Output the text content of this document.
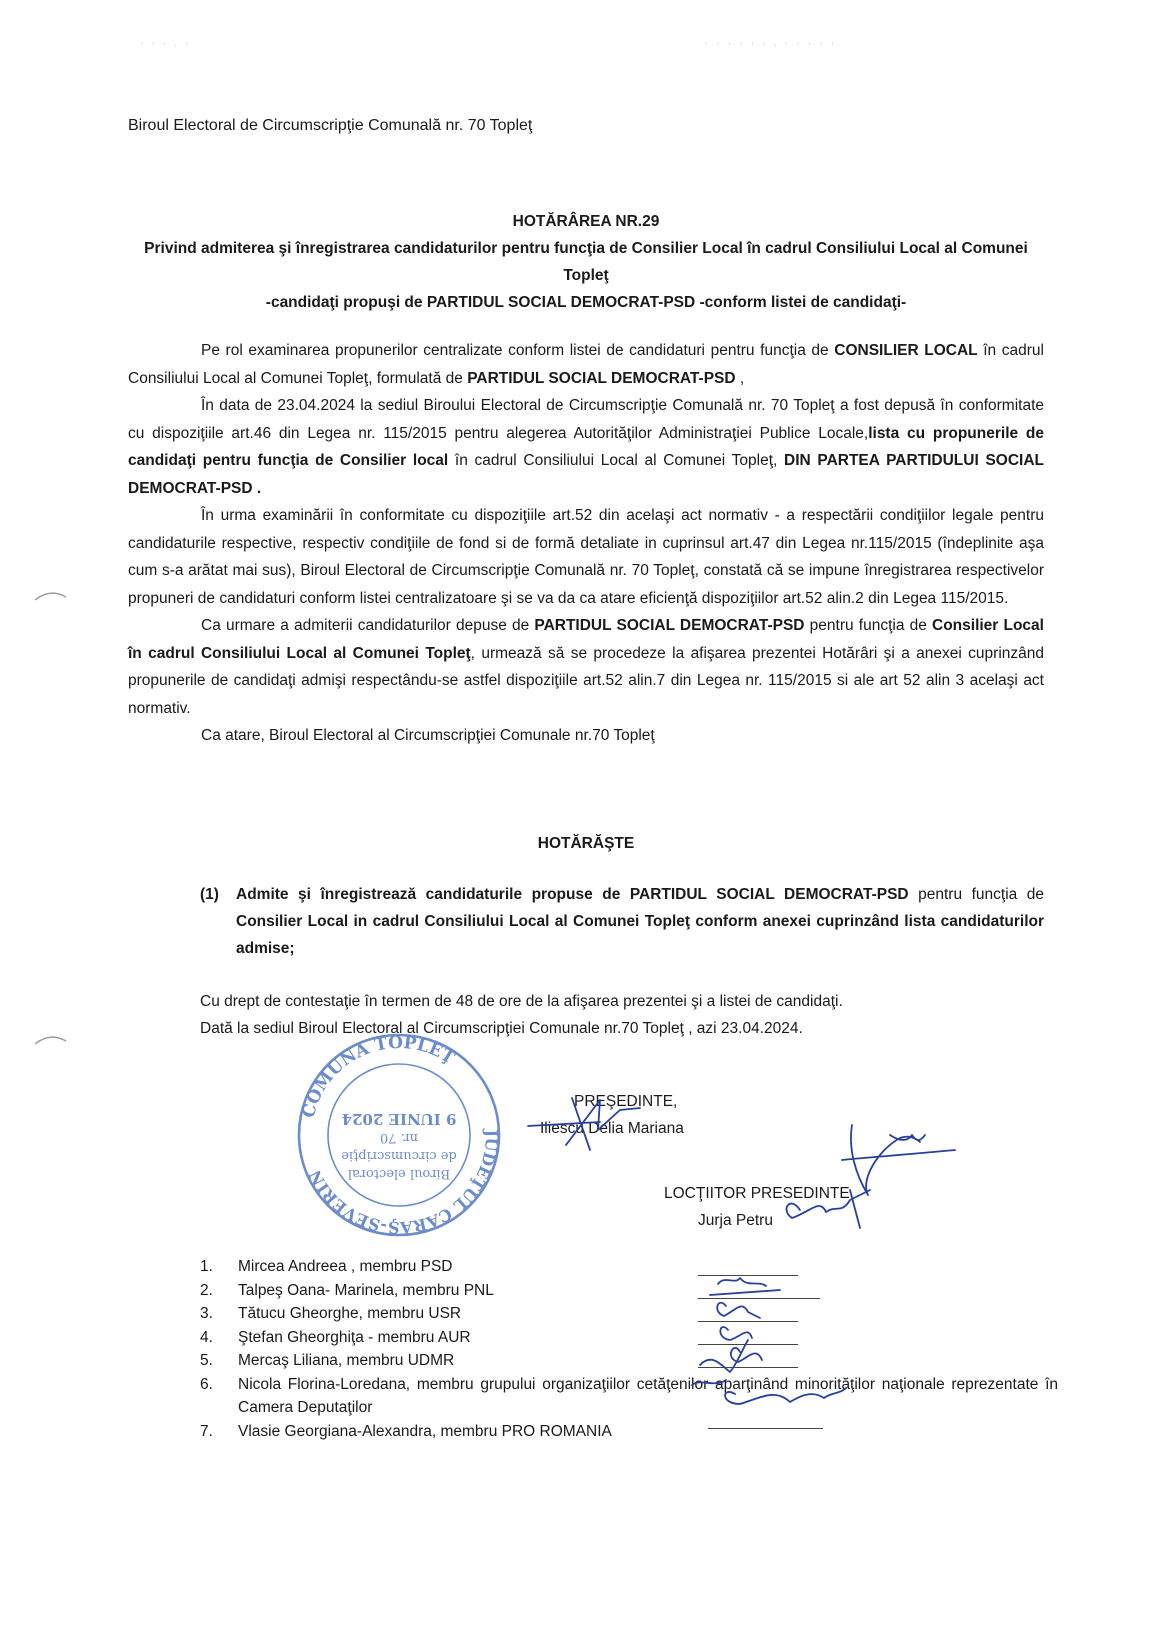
· · · . ·	· · · · · · . · · · · ·
Biroul Electoral de Circumscripţie Comunală nr. 70 Topleţ
HOTĂRÂREA NR.29
Privind admiterea şi înregistrarea candidaturilor pentru funcţia de Consilier Local în cadrul Consiliului Local al Comunei Topleţ
-candidaţi propuşi de PARTIDUL SOCIAL DEMOCRAT-PSD -conform listei de candidaţi-

Pe rol examinarea propunerilor centralizate conform listei de candidaturi pentru funcţia de CONSILIER LOCAL în cadrul Consiliului Local al Comunei Topleţ, formulată de PARTIDUL SOCIAL DEMOCRAT-PSD ,

În data de 23.04.2024 la sediul Biroului Electoral de Circumscripţie Comunală nr. 70 Topleţ a fost depusă în conformitate cu dispoziţiile art.46 din Legea nr. 115/2015 pentru alegerea Autorităţilor Administraţiei Publice Locale,lista cu propunerile de candidaţi pentru funcţia de Consilier local în cadrul Consiliului Local al Comunei Topleţ, DIN PARTEA PARTIDULUI SOCIAL DEMOCRAT-PSD .

În urma examinării în conformitate cu dispoziţiile art.52 din acelaşi act normativ - a respectării condiţiilor legale pentru candidaturile respective, respectiv condiţiile de fond si de formă detaliate in cuprinsul art.47 din Legea nr.115/2015 (îndeplinite aşa cum s-a arătat mai sus), Biroul Electoral de Circumscripţie Comunală nr. 70 Topleţ, constată că se impune înregistrarea respectivelor propuneri de candidaturi conform listei centralizatoare şi se va da ca atare eficienţă dispoziţiilor art.52 alin.2 din Legea 115/2015.

Ca urmare a admiterii candidaturilor depuse de PARTIDUL SOCIAL DEMOCRAT-PSD pentru funcţia de Consilier Local în cadrul Consiliului Local al Comunei Topleţ, urmează să se procedeze la afişarea prezentei Hotărâri şi a anexei cuprinzând propunerile de candidaţi admişi respectându-se astfel dispoziţiile art.52 alin.7 din Legea nr. 115/2015 si ale art 52 alin 3 acelaşi act normativ.

Ca atare, Biroul Electoral al Circumscripţiei Comunale nr.70 Topleţ

HOTĂRĂŞTE
(1) Admite şi înregistrează candidaturile propuse de PARTIDUL SOCIAL DEMOCRAT-PSD pentru funcţia de Consilier Local in cadrul Consiliului Local al Comunei Topleţ conform anexei cuprinzând lista candidaturilor admise;
Cu drept de contestaţie în termen de 48 de ore de la afişarea prezentei şi a listei de candidaţi.
Dată la sediul Biroul Electoral al Circumscripţiei Comunale nr.70 Topleţ , azi 23.04.2024.
PREŞEDINTE,
Iliescu Delia Mariana
LOCŢIITOR PRESEDINTE,
Jurja Petru
1. Mircea Andreea , membru PSD
2. Talpeş Oana- Marinela, membru PNL
3. Tătucu Gheorghe, membru USR
4. Ştefan Gheorghiţa - membru AUR
5. Mercaş Liliana, membru UDMR
6. Nicola Florina-Loredana, membru grupului organizaţiilor cetăţenilor aparţinând minorităţilor naţionale reprezentate în Camera Deputaţilor
7. Vlasie Georgiana-Alexandra, membru PRO ROMANIA
COMUNA TOPLEŢ
JUDEŢUL CARAŞ-SEVERIN	Biroul electoral
de circumscripţie
nr. 70
9 IUNIE 2024
